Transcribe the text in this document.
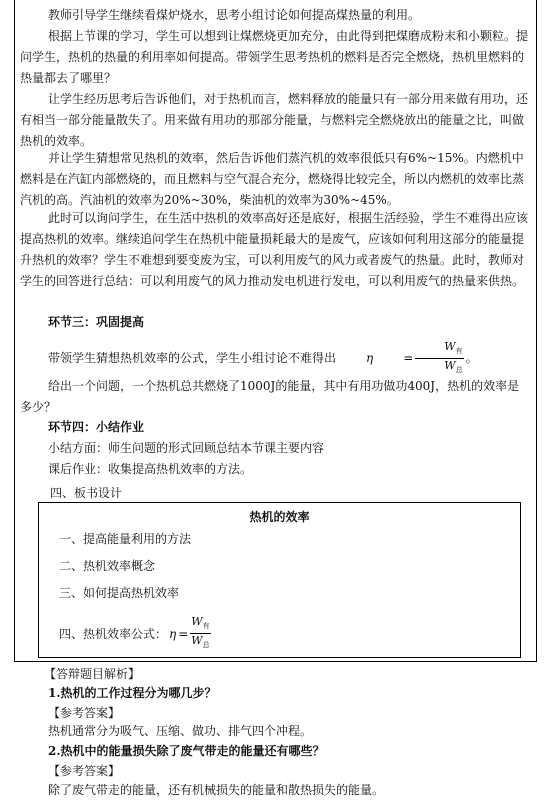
教师引导学生继续看煤炉烧水，思考小组讨论如何提高煤热量的利用。

根据上节课的学习，学生可以想到让煤燃烧更加充分，由此得到把煤磨成粉末和小颗粒。提问学生，热机的热量的利用率如何提高。带领学生思考热机的燃料是否完全燃烧，热机里燃料的热量都去了哪里？

让学生经历思考后告诉他们，对于热机而言，燃料释放的能量只有一部分用来做有用功，还有相当一部分能量散失了。用来做有用功的那部分能量，与燃料完全燃烧放出的能量之比，叫做热机的效率。

并让学生猜想常见热机的效率，然后告诉他们蒸汽机的效率很低只有6%~15%。内燃机中燃料是在汽缸内部燃烧的，而且燃料与空气混合充分，燃烧得比较完全，所以内燃机的效率比蒸汽机的高。汽油机的效率为20%~30%，柴油机的效率为30%~45%。

此时可以询问学生，在生活中热机的效率高好还是底好，根据生活经验，学生不难得出应该提高热机的效率。继续追问学生在热机中能量损耗最大的是废气，应该如何利用这部分的能量提升热机的效率？学生不难想到要变废为宝，可以利用废气的风力或者废气的热量。此时，教师对学生的回答进行总结：可以利用废气的风力推动发电机进行发电，可以利用废气的热量来供热。

环节三：巩固提高

带领学生猜想热机效率的公式，学生小组讨论不难得出	η	= $\frac{W_有}{W_总}$ 。

给出一个问题，一个热机总共燃烧了1000J的能量，其中有用功做功400J，热机的效率是多少？

环节四：小结作业

小结方面：师生问题的形式回顾总结本节课主要内容

课后作业：收集提高热机效率的方法。

四、板书设计
热机的效率
一、提高能量利用的方法
二、热机效率概念
三、如何提高热机效率
四、热机效率公式： $\eta = \frac{W_有}{W_总}$
【答辩题目解析】
1.热机的工作过程分为哪几步？
【参考答案】
热机通常分为吸气、压缩、做功、排气四个冲程。
2.热机中的能量损失除了废气带走的能量还有哪些？
【参考答案】
除了废气带走的能量，还有机械损失的能量和散热损失的能量。
